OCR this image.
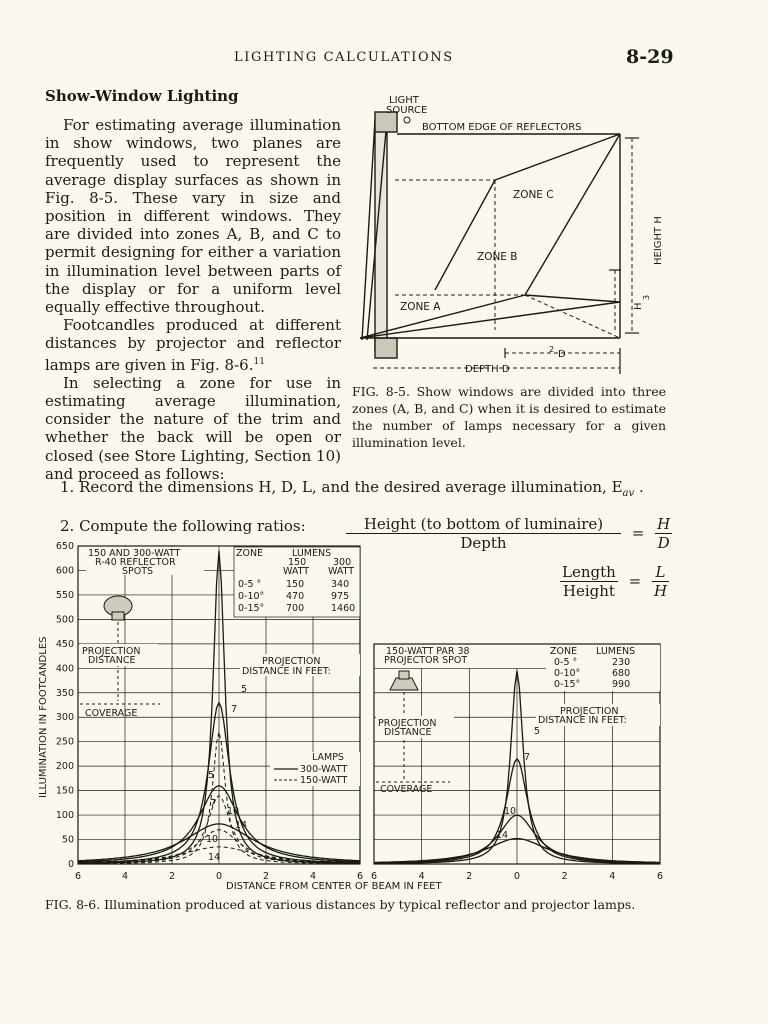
LIGHTING CALCULATIONS	8-29
Show-Window Lighting

For estimating average illumination in show windows, two planes are frequently used to represent the average display surfaces as shown in Fig. 8-5. These vary in size and position in different windows. They are divided into zones A, B, and C to permit designing for either a variation in illumination level between parts of the display or for a uniform level equally effective throughout.

Footcandles produced at different distances by projector and reflector lamps are given in Fig. 8-6.11

In selecting a zone for use in estimating average illumination, consider the nature of the trim and whether the back will be open or closed (see Store Lighting, Section 10) and proceed as follows:

1. Record the dimensions H, D, L, and the desired average illumination, $E_{av}$ .

2. Compute the following ratios:	$\frac{\text{Height (to bottom of luminaire)}}{\text{Depth}} = \frac{H}{D}$
$\frac{\text{Length}}{\text{Height}} = \frac{L}{H}$
LIGHT
SOURCE
BOTTOM EDGE OF REFLECTORS
ZONE C
ZONE B
ZONE A
HEIGHT H
H
3
D
2
DEPTH D
FIG. 8-5. Show windows are divided into three zones (A, B, and C) when it is desired to estimate the number of lamps necessary for a given illumination level.
650
600
550
500
450
400
350
300
250
200
150
100
50
0
ILLUMINATION IN FOOTCANDLES
150 AND 300-WATT
R-40 REFLECTOR
SPOTS
ZONE	LUMENS
150	300
WATT WATT
0-5 °	150	340
0-10° 470	975
0-15° 700	1460
PROJECTION
DISTANCE	PROJECTION
DISTANCE IN FEET:
COVERAGE
LAMPS
300-WATT
150-WATT
5
7
10
14
5
7
10
14
6	4	2	0	2	4	6
150-WATT PAR 38
PROJECTOR SPOT
ZONE LUMENS
0-5 °	230
0-10°	680
0-15°	990
PROJECTION
DISTANCE
PROJECTION
DISTANCE IN FEET:
COVERAGE
5
7
10
14
6	4	2	0	2	4	6
DISTANCE FROM CENTER OF BEAM IN FEET
FIG. 8-6. Illumination produced at various distances by typical reflector and projector lamps.
